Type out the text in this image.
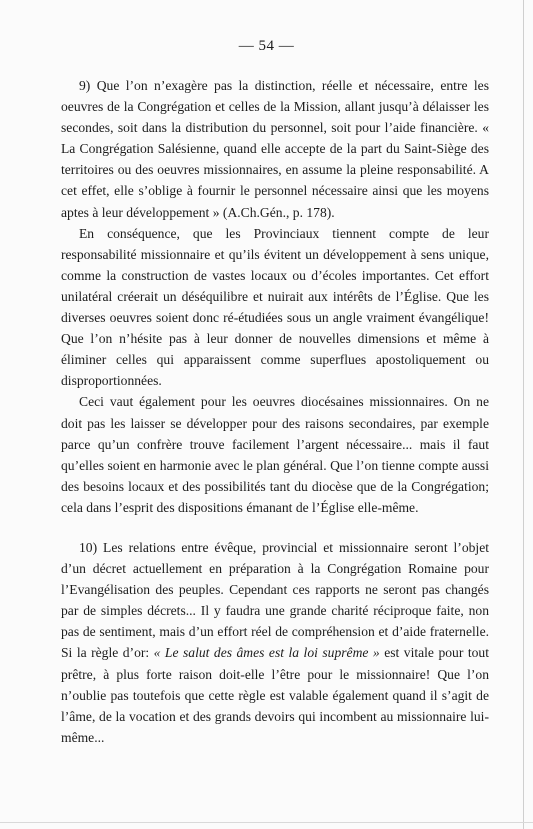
— 54 —

9) Que l’on n’exagère pas la distinction, réelle et nécessaire, entre les oeuvres de la Congrégation et celles de la Mission, allant jusqu’à délaisser les secondes, soit dans la distribution du personnel, soit pour l’aide financière. « La Congrégation Salésienne, quand elle accepte de la part du Saint-Siège des territoires ou des oeuvres missionnaires, en assume la pleine responsabilité. A cet effet, elle s’oblige à fournir le personnel nécessaire ainsi que les moyens aptes à leur développement » (A.Ch.Gén., p. 178).

En conséquence, que les Provinciaux tiennent compte de leur responsabilité missionnaire et qu’ils évitent un développement à sens unique, comme la construction de vastes locaux ou d’écoles importantes. Cet effort unilatéral créerait un déséquilibre et nuirait aux intérêts de l’Église. Que les diverses oeuvres soient donc ré-étudiées sous un angle vraiment évangélique! Que l’on n’hésite pas à leur donner de nouvelles dimensions et même à éliminer celles qui apparaissent comme superflues apostoliquement ou disproportionnées.

Ceci vaut également pour les oeuvres diocésaines missionnaires. On ne doit pas les laisser se développer pour des raisons secondaires, par exemple parce qu’un confrère trouve facilement l’argent nécessaire... mais il faut qu’elles soient en harmonie avec le plan général. Que l’on tienne compte aussi des besoins locaux et des possibilités tant du diocèse que de la Congrégation; cela dans l’esprit des dispositions émanant de l’Église elle-même.

10) Les relations entre évêque, provincial et missionnaire seront l’objet d’un décret actuellement en préparation à la Congrégation Romaine pour l’Evangélisation des peuples. Cependant ces rapports ne seront pas changés par de simples décrets... Il y faudra une grande charité réciproque faite, non pas de sentiment, mais d’un effort réel de compréhension et d’aide fraternelle. Si la règle d’or: « Le salut des âmes est la loi suprême » est vitale pour tout prêtre, à plus forte raison doit-elle l’être pour le missionnaire! Que l’on n’oublie pas toutefois que cette règle est valable également quand il s’agit de l’âme, de la vocation et des grands devoirs qui incombent au missionnaire lui-même...
